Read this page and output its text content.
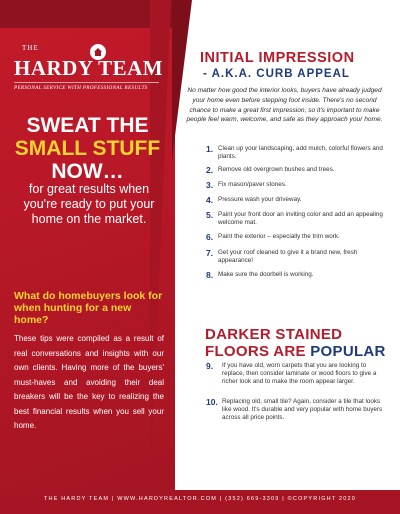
THE
HARDY TEAM
PERSONAL SERVICE WITH PROFESSIONAL RESULTS
SWEAT THE
SMALL STUFF
NOW…
for great results when you're ready to put your home on the market.
What do homebuyers look for when hunting for a new home?
These tips were compiled as a result of real conversations and insights with our own clients. Having more of the buyers' must-haves and avoiding their deal breakers will be the key to realizing the best financial results when you sell your home.
INITIAL IMPRESSION
- A.K.A. CURB APPEAL
No matter how good the interior looks, buyers have already judged your home even before stepping foot inside. There's no second chance to make a great first impression, so it's important to make people feel warm, welcome, and safe as they approach your home.
1. Clean up your landscaping, add mulch, colorful flowers and plants.
2. Remove old overgrown bushes and trees.
3. Fix mason/paver stones.
4. Pressure wash your driveway.
5. Paint your front door an inviting color and add an appealing welcome mat.
6. Paint the exterior – especially the trim work.
7. Get your roof cleaned to give it a brand new, fresh appearance!
8. Make sure the doorbell is working.
DARKER STAINED
FLOORS ARE POPULAR
9.	If you have old, worn carpets that you are looking to replace, then consider laminate or wood floors to give a richer look and to make the room appear larger.
10. Replacing old, small tile? Again, consider a tile that looks like wood. It's durable and very popular with home buyers across all price points.
THE HARDY TEAM | WWW.HARDYREALTOR.COM | (352) 669-3309 | ©COPYRIGHT 2020
